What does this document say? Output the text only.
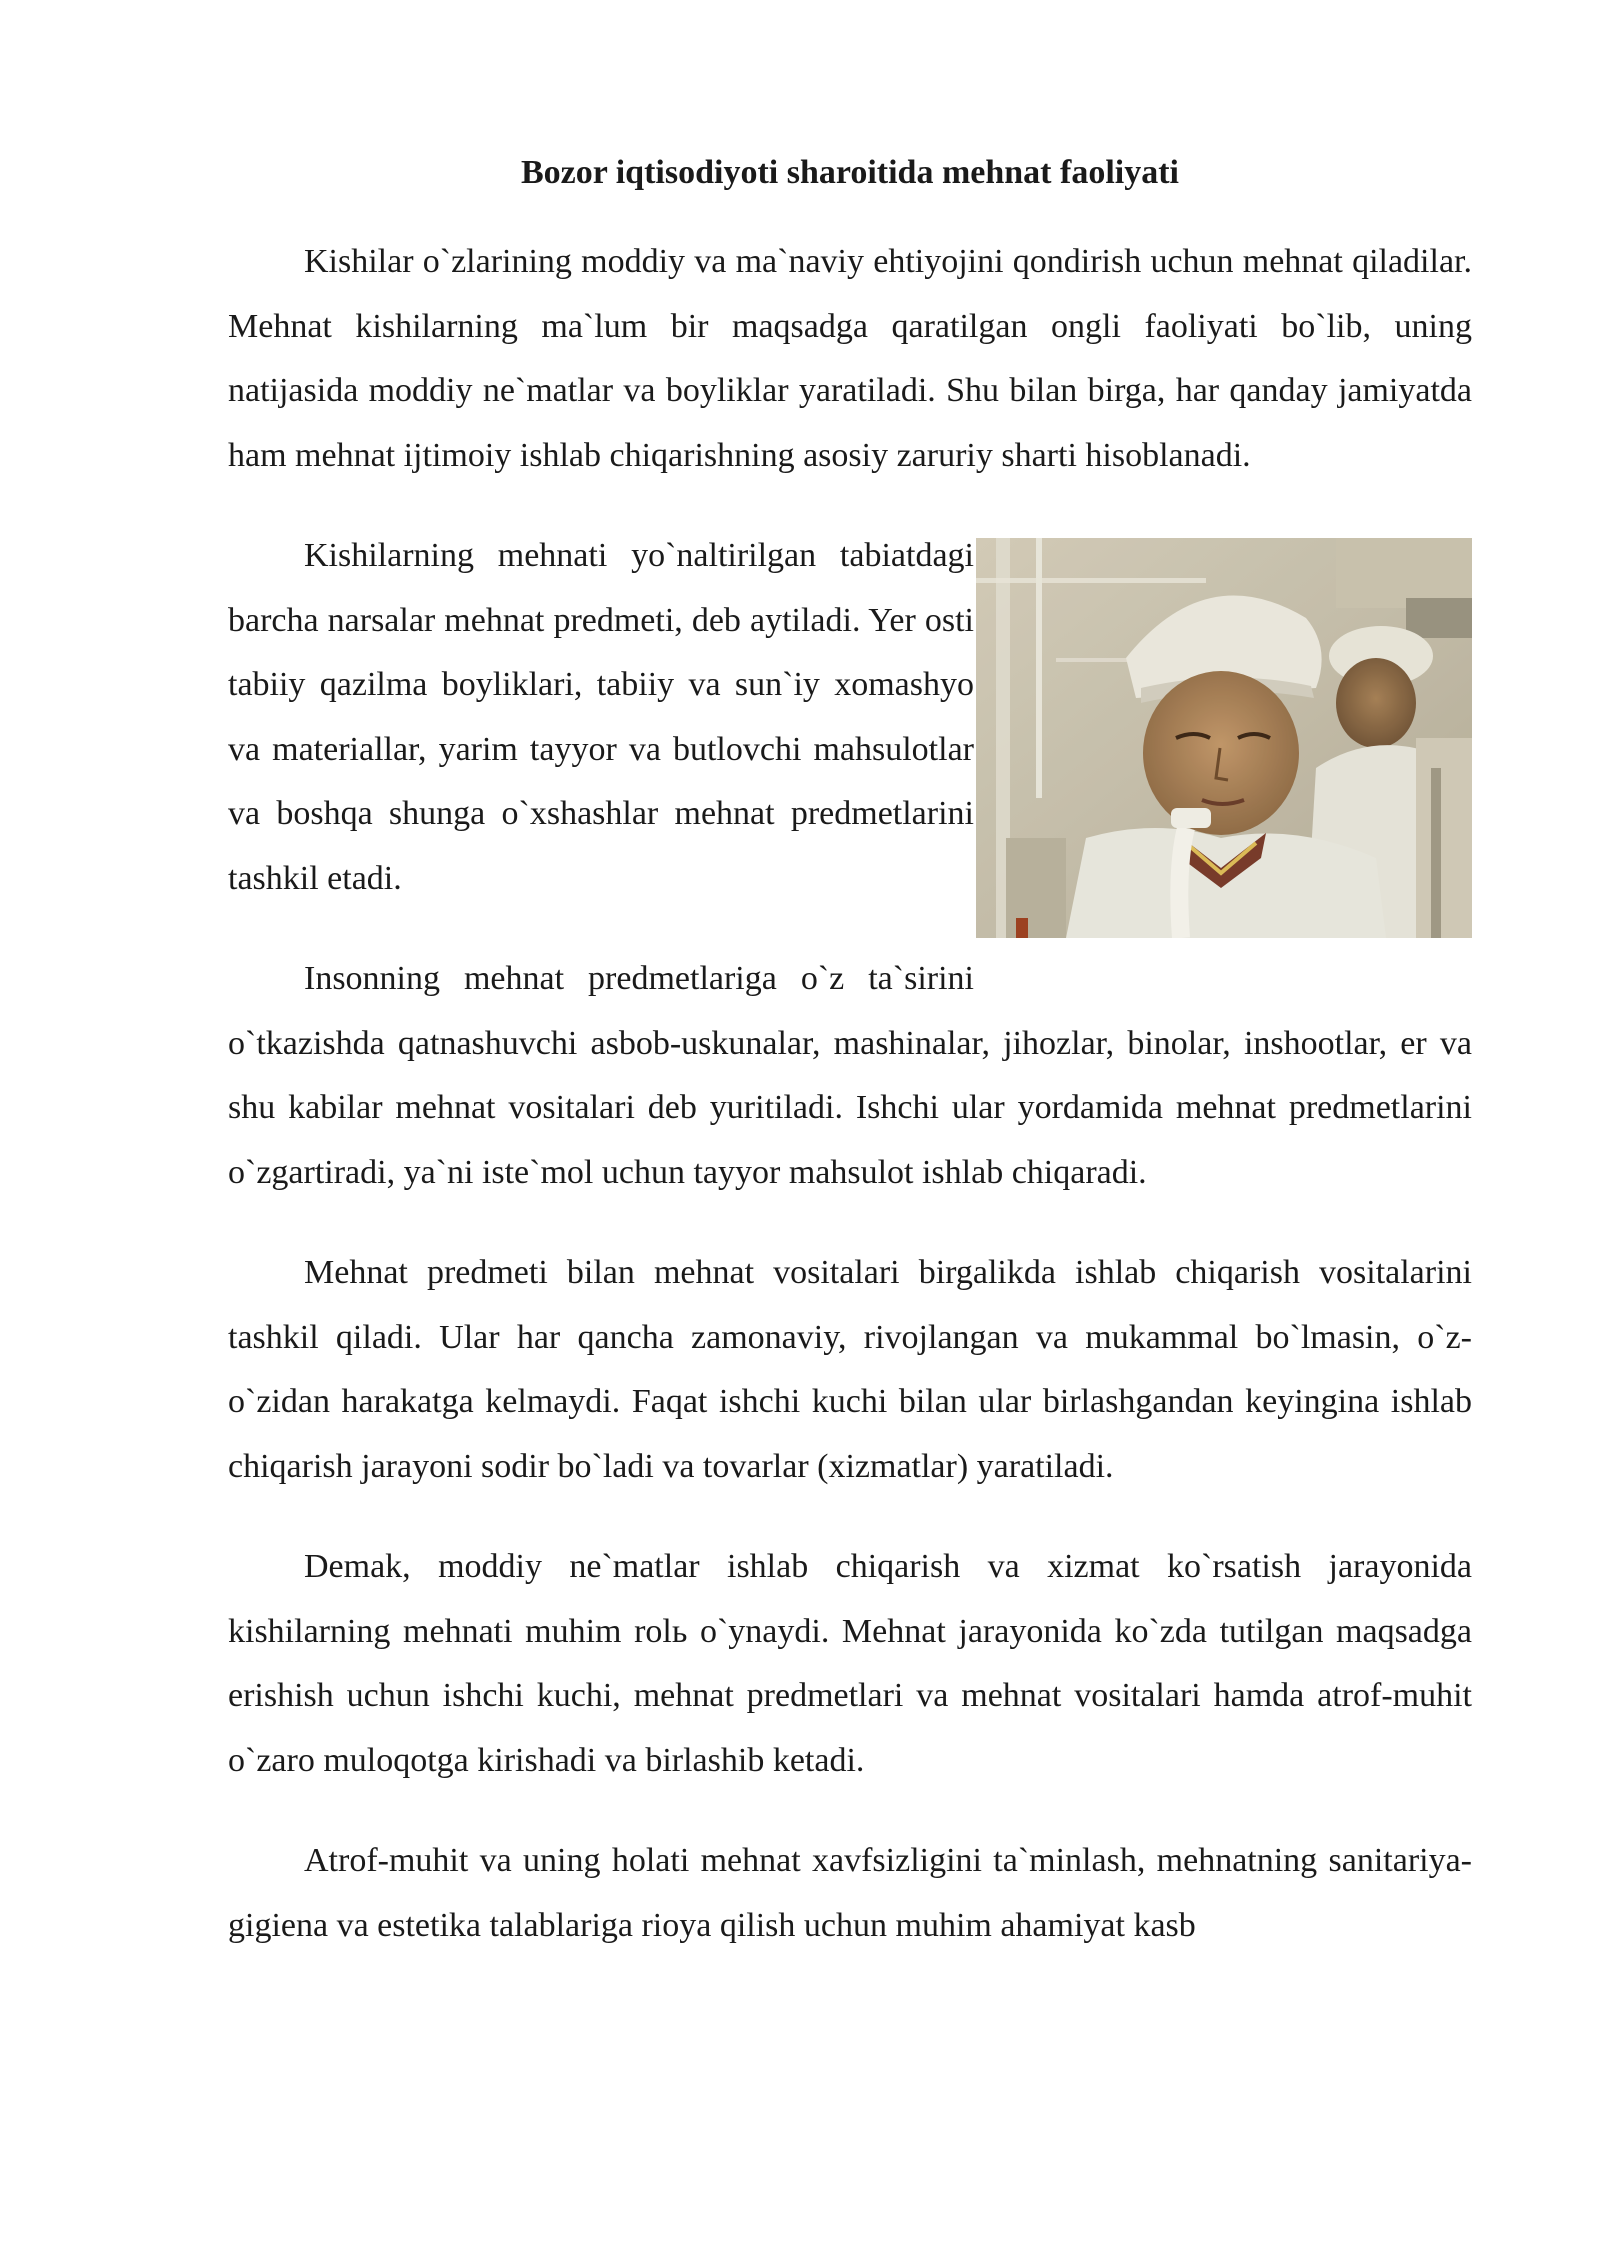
Bozor iqtisodiyoti sharoitida mehnat faoliyati

Kishilar o`zlarining moddiy va ma`naviy ehtiyojini qondirish uchun mehnat qiladilar. Mehnat kishilarning ma`lum bir maqsadga qaratilgan ongli faoliyati bo`lib, uning natijasida moddiy ne`matlar va boyliklar yaratiladi. Shu bilan birga, har qanday jamiyatda ham mehnat ijtimoiy ishlab chiqarishning asosiy zaruriy sharti hisoblanadi.

Kishilarning mehnati yo`naltirilgan tabiatdagi barcha narsalar mehnat predmeti, deb aytiladi. Yer osti tabiiy qazilma boyliklari, tabiiy va sun`iy xomashyo va materiallar, yarim tayyor va butlovchi mahsulotlar va boshqa shunga o`xshashlar mehnat predmetlarini tashkil etadi.

Insonning mehnat predmetlariga o`z ta`sirini o`tkazishda qatnashuvchi asbob-uskunalar, mashinalar, jihozlar, binolar, inshootlar, er va shu kabilar mehnat vositalari deb yuritiladi. Ishchi ular yordamida mehnat predmetlarini o`zgartiradi, ya`ni iste`mol uchun tayyor mahsulot ishlab chiqaradi.

Mehnat predmeti bilan mehnat vositalari birgalikda ishlab chiqarish vositalarini tashkil qiladi. Ular har qancha zamonaviy, rivojlangan va mukammal bo`lmasin, o`z-o`zidan harakatga kelmaydi. Faqat ishchi kuchi bilan ular birlashgandan keyingina ishlab chiqarish jarayoni sodir bo`ladi va tovarlar (xizmatlar) yaratiladi.

Demak, moddiy ne`matlar ishlab chiqarish va xizmat ko`rsatish jarayonida kishilarning mehnati muhim rolь o`ynaydi. Mehnat jarayonida ko`zda tutilgan maqsadga erishish uchun ishchi kuchi, mehnat predmetlari va mehnat vositalari hamda atrof-muhit o`zaro muloqotga kirishadi va birlashib ketadi.

Atrof-muhit va uning holati mehnat xavfsizligini ta`minlash, mehnatning sanitariya-gigiena va estetika talablariga rioya qilish uchun muhim ahamiyat kasb
